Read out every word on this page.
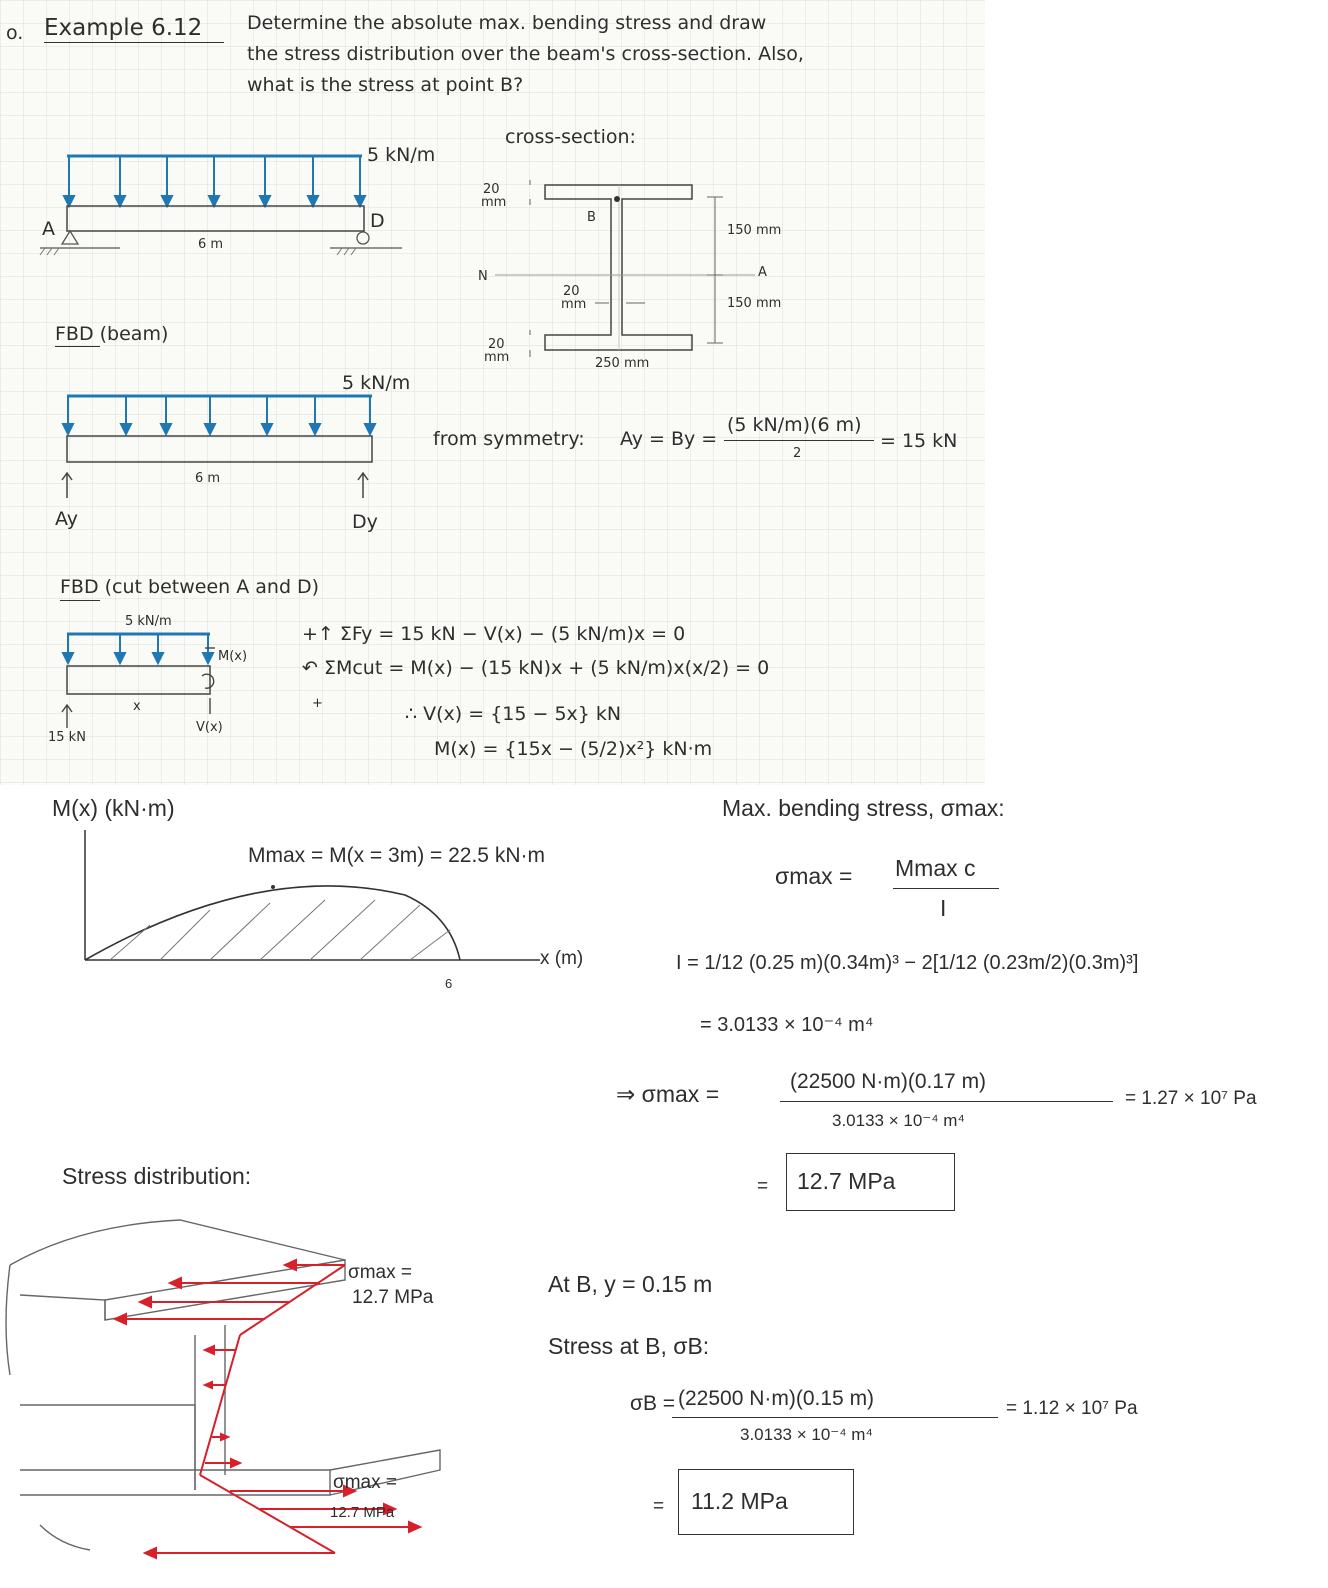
o. Example 6.12 Determine the absolute max. bending stress and draw
the stress distribution over the beam's cross-section. Also,
what is the stress at point B?
5 kN/m
A	D
6 m
cross-section:
20
mm
B
150 mm
N	A
20
mm	150 mm
20
mm	250 mm
FBD (beam)
5 kN/m
6 m
Ay	Dy
from symmetry: Ay = By =
(5 kN/m)(6 m)
2
= 15 kN
FBD (cut between A and D)
5 kN/m
M(x)
V(x)
x
15 kN
+↑ ΣFy = 15 kN − V(x) − (5 kN/m)x = 0
↶ ΣMcut = M(x) − (15 kN)x + (5 kN/m)x(x/2) = 0
+	∴ V(x) = {15 − 5x} kN
M(x) = {15x − (5/2)x²} kN·m
M(x) (kN·m)
Mmax = M(x = 3m) = 22.5 kN·m
x (m)
6
Max. bending stress, σmax:
σmax = Mmax c
I
I = 1/12 (0.25 m)(0.34m)³ − 2[1/12 (0.23m/2)(0.3m)³]
= 3.0133 × 10⁻⁴ m⁴
⇒ σmax =	(22500 N·m)(0.17 m)
3.0133 × 10⁻⁴ m⁴
= 1.27 × 10⁷ Pa
= 12.7 MPa
Stress distribution:
σmax =
12.7 MPa
σmax =
12.7 MPa
At B, y = 0.15 m
Stress at B, σB:
σB = (22500 N·m)(0.15 m)
3.0133 × 10⁻⁴ m⁴
= 1.12 × 10⁷ Pa
= 11.2 MPa
